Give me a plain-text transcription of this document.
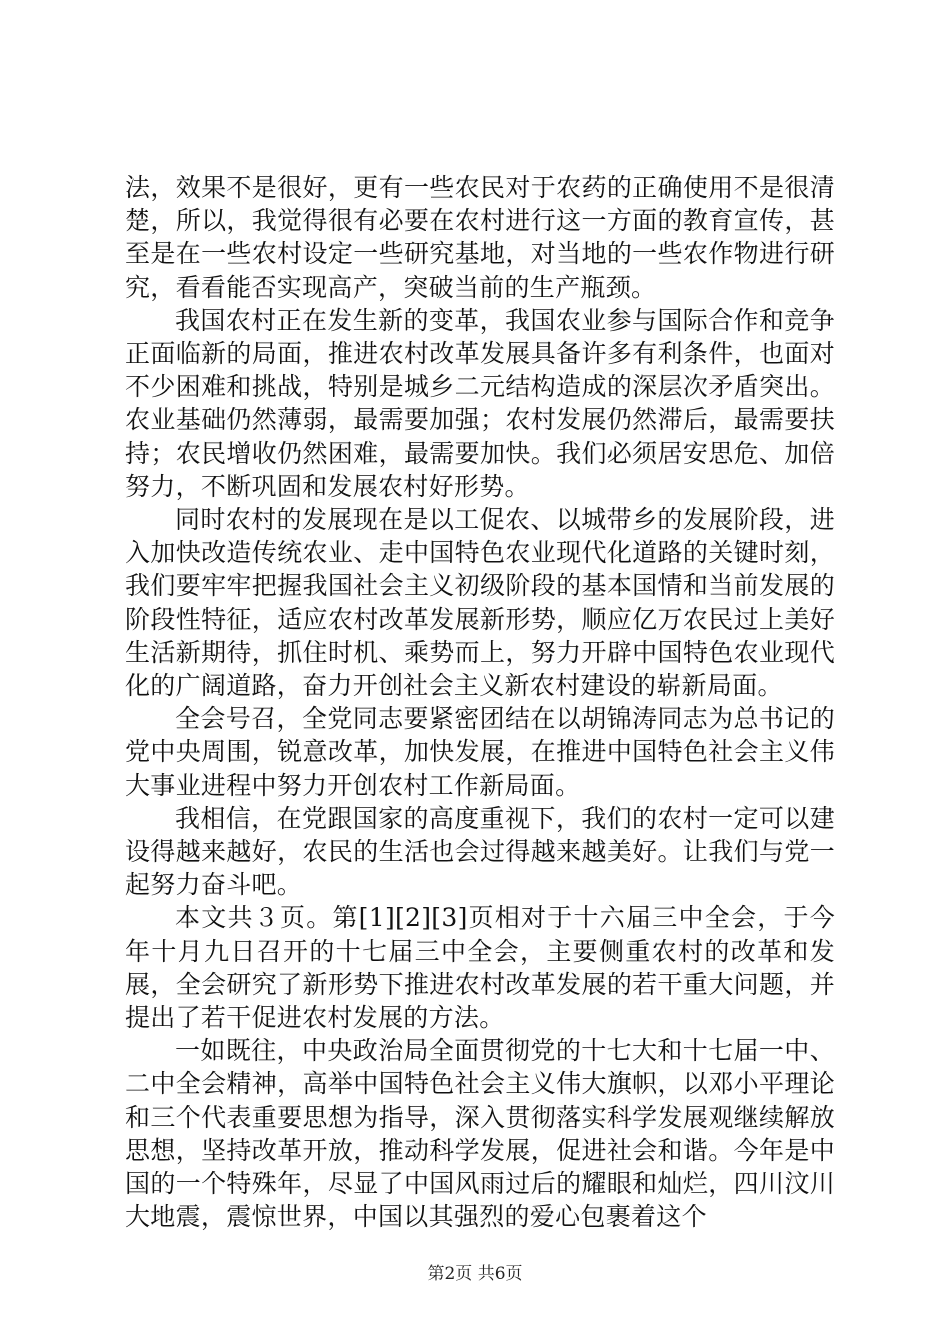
法，效果不是很好，更有一些农民对于农药的正确使用不是很清楚，所以，我觉得很有必要在农村进行这一方面的教育宣传，甚至是在一些农村设定一些研究基地，对当地的一些农作物进行研究，看看能否实现高产，突破当前的生产瓶颈。

我国农村正在发生新的变革，我国农业参与国际合作和竞争正面临新的局面，推进农村改革发展具备许多有利条件，也面对不少困难和挑战，特别是城乡二元结构造成的深层次矛盾突出。农业基础仍然薄弱，最需要加强；农村发展仍然滞后，最需要扶持；农民增收仍然困难，最需要加快。我们必须居安思危、加倍努力，不断巩固和发展农村好形势。

同时农村的发展现在是以工促农、以城带乡的发展阶段，进入加快改造传统农业、走中国特色农业现代化道路的关键时刻，我们要牢牢把握我国社会主义初级阶段的基本国情和当前发展的阶段性特征，适应农村改革发展新形势，顺应亿万农民过上美好生活新期待，抓住时机、乘势而上，努力开辟中国特色农业现代化的广阔道路，奋力开创社会主义新农村建设的崭新局面。

全会号召，全党同志要紧密团结在以胡锦涛同志为总书记的党中央周围，锐意改革，加快发展，在推进中国特色社会主义伟大事业进程中努力开创农村工作新局面。

我相信，在党跟国家的高度重视下，我们的农村一定可以建设得越来越好，农民的生活也会过得越来越美好。让我们与党一起努力奋斗吧。

本文共３页。第[1][2][3]页相对于十六届三中全会，于今年十月九日召开的十七届三中全会，主要侧重农村的改革和发展，全会研究了新形势下推进农村改革发展的若干重大问题，并提出了若干促进农村发展的方法。

一如既往，中央政治局全面贯彻党的十七大和十七届一中、二中全会精神，高举中国特色社会主义伟大旗帜，以邓小平理论和三个代表重要思想为指导，深入贯彻落实科学发展观继续解放思想，坚持改革开放，推动科学发展，促进社会和谐。今年是中国的一个特殊年，尽显了中国风雨过后的耀眼和灿烂，四川汶川大地震，震惊世界，中国以其强烈的爱心包裹着这个

第2页 共6页
